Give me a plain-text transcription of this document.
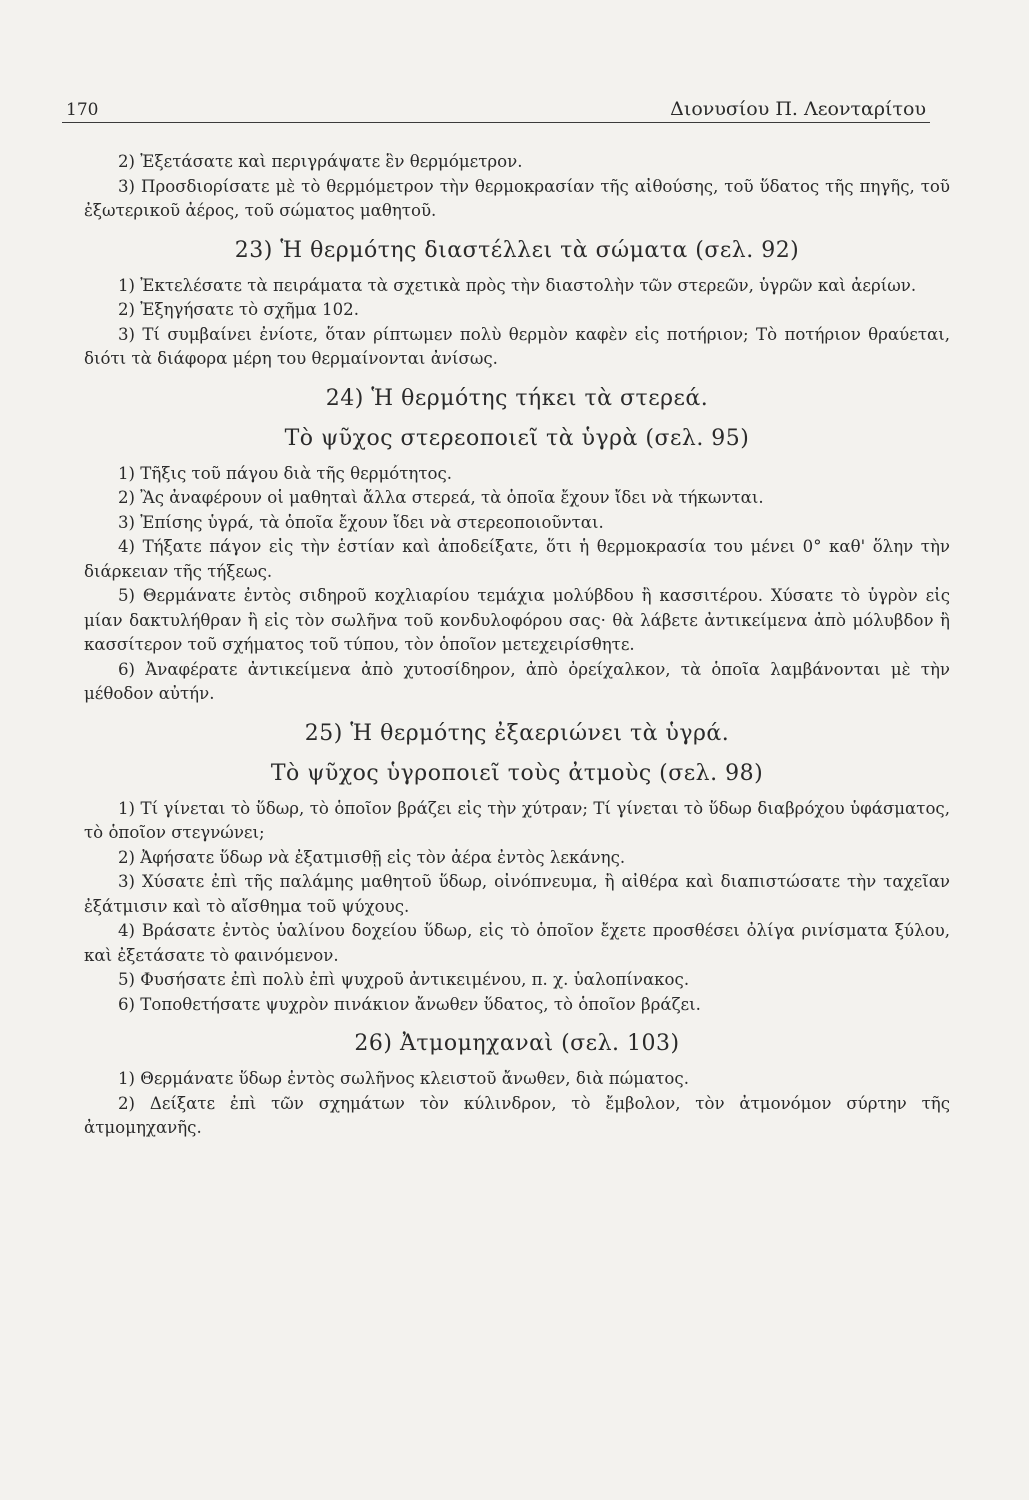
170	Διονυσίου Π. Λεονταρίτου

2) Ἐξετάσατε καὶ περιγράψατε ἓν θερμόμετρον.

3) Προσδιορίσατε μὲ τὸ θερμόμετρον τὴν θερμοκρασίαν τῆς αἰθούσης, τοῦ ὕδατος τῆς πηγῆς, τοῦ ἐξωτερικοῦ ἀέρος, τοῦ σώματος μαθητοῦ.

23) Ἡ θερμότης διαστέλλει τὰ σώματα (σελ. 92)

1) Ἐκτελέσατε τὰ πειράματα τὰ σχετικὰ πρὸς τὴν διαστολὴν τῶν στερεῶν, ὑγρῶν καὶ ἀερίων.

2) Ἐξηγήσατε τὸ σχῆμα 102.

3) Τί συμβαίνει ἐνίοτε, ὅταν ρίπτωμεν πολὺ θερμὸν καφὲν εἰς ποτήριον; Τὸ ποτήριον θραύεται, διότι τὰ διάφορα μέρη του θερμαίνονται ἀνίσως.

24) Ἡ θερμότης τήκει τὰ στερεά.
Τὸ ψῦχος στερεοποιεῖ τὰ ὑγρὰ (σελ. 95)

1) Τῆξις τοῦ πάγου διὰ τῆς θερμότητος.

2) Ἂς ἀναφέρουν οἱ μαθηταὶ ἄλλα στερεά, τὰ ὁποῖα ἔχουν ἴδει νὰ τήκωνται.

3) Ἐπίσης ὑγρά, τὰ ὁποῖα ἔχουν ἴδει νὰ στερεοποιοῦνται.

4) Τήξατε πάγον εἰς τὴν ἑστίαν καὶ ἀποδείξατε, ὅτι ἡ θερμοκρασία του μένει 0° καθ' ὅλην τὴν διάρκειαν τῆς τήξεως.

5) Θερμάνατε ἐντὸς σιδηροῦ κοχλιαρίου τεμάχια μολύβδου ἢ κασσιτέρου. Χύσατε τὸ ὑγρὸν εἰς μίαν δακτυλήθραν ἢ εἰς τὸν σωλῆνα τοῦ κονδυλοφόρου σας· θὰ λάβετε ἀντικείμενα ἀπὸ μόλυβδον ἢ κασσίτερον τοῦ σχήματος τοῦ τύπου, τὸν ὁποῖον μετεχειρίσθητε.

6) Ἀναφέρατε ἀντικείμενα ἀπὸ χυτοσίδηρον, ἀπὸ ὀρείχαλκον, τὰ ὁποῖα λαμβάνονται μὲ τὴν μέθοδον αὐτήν.

25) Ἡ θερμότης ἐξαεριώνει τὰ ὑγρά.
Τὸ ψῦχος ὑγροποιεῖ τοὺς ἀτμοὺς (σελ. 98)

1) Τί γίνεται τὸ ὕδωρ, τὸ ὁποῖον βράζει εἰς τὴν χύτραν; Τί γίνεται τὸ ὕδωρ διαβρόχου ὑφάσματος, τὸ ὁποῖον στεγνώνει;

2) Ἀφήσατε ὕδωρ νὰ ἐξατμισθῇ εἰς τὸν ἀέρα ἐντὸς λεκάνης.

3) Χύσατε ἐπὶ τῆς παλάμης μαθητοῦ ὕδωρ, οἰνόπνευμα, ἢ αἰθέρα καὶ διαπιστώσατε τὴν ταχεῖαν ἐξάτμισιν καὶ τὸ αἴσθημα τοῦ ψύχους.

4) Βράσατε ἐντὸς ὑαλίνου δοχείου ὕδωρ, εἰς τὸ ὁποῖον ἔχετε προσθέσει ὀλίγα ρινίσματα ξύλου, καὶ ἐξετάσατε τὸ φαινόμενον.

5) Φυσήσατε ἐπὶ πολὺ ἐπὶ ψυχροῦ ἀντικειμένου, π. χ. ὑαλοπίνακος.

6) Τοποθετήσατε ψυχρὸν πινάκιον ἄνωθεν ὕδατος, τὸ ὁποῖον βράζει.

26) Ἀτμομηχαναὶ (σελ. 103)

1) Θερμάνατε ὕδωρ ἐντὸς σωλῆνος κλειστοῦ ἄνωθεν, διὰ πώματος.

2) Δείξατε ἐπὶ τῶν σχημάτων τὸν κύλινδρον, τὸ ἔμβολον, τὸν ἀτμονόμον σύρτην τῆς ἀτμομηχανῆς.
